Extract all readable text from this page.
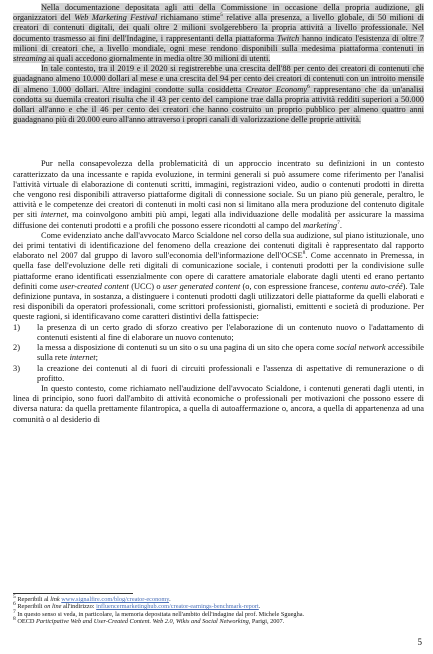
Nella documentazione depositata agli atti della Commissione in occasione della propria audizione, gli organizzatori del Web Marketing Festival richiamano stime$^5$ relative alla presenza, a livello globale, di 50 milioni di creatori di contenuti digitali, dei quali oltre 2 milioni svolgerebbero la propria attività a livello professionale. Nel documento trasmesso ai fini dell'Indagine, i rappresentanti della piattaforma Twitch hanno indicato l'esistenza di oltre 7 milioni di creatori che, a livello mondiale, ogni mese rendono disponibili sulla medesima piattaforma contenuti in streaming ai quali accedono giornalmente in media oltre 30 milioni di utenti.

In tale contesto, tra il 2019 e il 2020 si registrerebbe una crescita dell'88 per cento dei creatori di contenuti che guadagnano almeno 10.000 dollari al mese e una crescita del 94 per cento dei creatori di contenuti con un introito mensile di almeno 1.000 dollari. Altre indagini condotte sulla cosiddetta Creator Economy$^6$ rappresentano che da un'analisi condotta su duemila creatori risulta che il 43 per cento del campione trae dalla propria attività redditi superiori a 50.000 dollari all'anno e che il 46 per cento dei creatori che hanno costruito un proprio pubblico per almeno quattro anni guadagnano più di 20.000 euro all'anno attraverso i propri canali di valorizzazione delle proprie attività.

Pur nella consapevolezza della problematicità di un approccio incentrato su definizioni in un contesto caratterizzato da una incessante e rapida evoluzione, in termini generali si può assumere come riferimento per l'analisi l'attività virtuale di elaborazione di contenuti scritti, immagini, registrazioni video, audio o contenuti prodotti in diretta che vengono resi disponibili attraverso piattaforme digitali di connessione sociale. Su un piano più generale, peraltro, le attività e le competenze dei creatori di contenuti in molti casi non si limitano alla mera produzione del contenuto digitale per siti internet, ma coinvolgono ambiti più ampi, legati alla individuazione delle modalità per assicurare la massima diffusione dei contenuti prodotti e a profili che possono essere ricondotti al campo del marketing$^7$.

Come evidenziato anche dall'avvocato Marco Scialdone nel corso della sua audizione, sul piano istituzionale, uno dei primi tentativi di identificazione del fenomeno della creazione dei contenuti digitali è rappresentato dal rapporto elaborato nel 2007 dal gruppo di lavoro sull'economia dell'informazione dell'OCSE$^8$. Come accennato in Premessa, in quella fase dell'evoluzione delle reti digitali di comunicazione sociale, i contenuti prodotti per la condivisione sulle piattaforme erano identificati essenzialmente con opere di carattere amatoriale elaborate dagli utenti ed erano pertanto definiti come user-created content (UCC) o user generated content (o, con espressione francese, contenu auto-créé). Tale definizione puntava, in sostanza, a distinguere i contenuti prodotti dagli utilizzatori delle piattaforme da quelli elaborati e resi disponibili da operatori professionali, come scrittori professionisti, giornalisti, emittenti e società di produzione. Per queste ragioni, si identificavano come caratteri distintivi della fattispecie:

1)	la presenza di un certo grado di sforzo creativo per l'elaborazione di un contenuto nuovo o l'adattamento di contenuti esistenti al fine di elaborare un nuovo contenuto;

2)	la messa a disposizione di contenuti su un sito o su una pagina di un sito che opera come social network accessibile sulla rete internet;

3)	la creazione dei contenuti al di fuori di circuiti professionali e l'assenza di aspettative di remunerazione o di profitto.

In questo contesto, come richiamato nell'audizione dell'avvocato Scialdone, i contenuti generati dagli utenti, in linea di principio, sono fuori dall'ambito di attività economiche o professionali per motivazioni che possono essere di diversa natura: da quella prettamente filantropica, a quella di autoaffermazione o, ancora, a quella di appartenenza ad una comunità o al desiderio di

$^5$ Reperibili al link www.signalfire.com/blog/creator-economy.

$^6$ Reperibili on line all'indirizzo: influencermarketinghub.com/creator-earnings-benchmark-report.

$^7$ In questo senso si veda, in particolare, la memoria depositata nell'ambito dell'indagine dal prof. Michele Sguegha.

$^8$ OECD Participative Web and User-Created Content. Web 2.0, Wikis and Social Networking, Parigi, 2007.

5
